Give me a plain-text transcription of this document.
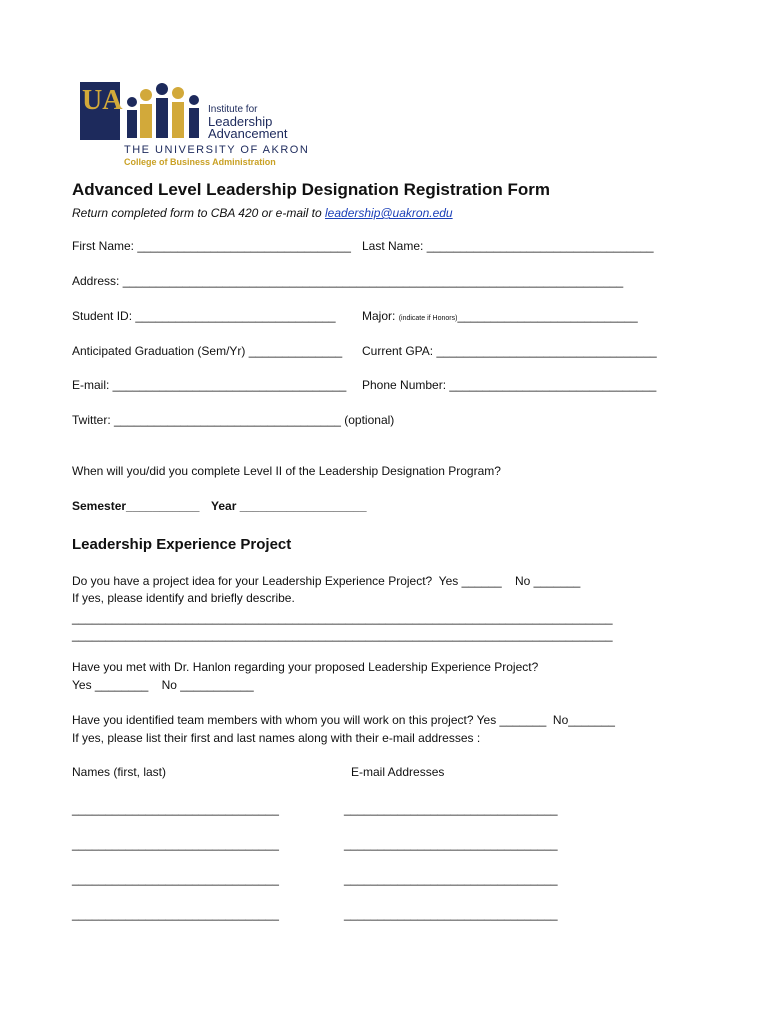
UA	Institute for
Leadership
Advancement
THE UNIVERSITY OF AKRON
College of Business Administration
Advanced Level Leadership Designation Registration Form
Return completed form to CBA 420 or e-mail to leadership@uakron.edu
First Name: ________________________________ Last Name: __________________________________
Address: ___________________________________________________________________________
Student ID: ______________________________ Major: (indicate if Honors)___________________________
Anticipated Graduation (Sem/Yr) ______________ Current GPA: _________________________________
E-mail: ___________________________________ Phone Number: _______________________________
Twitter: __________________________________ (optional)
When will you/did you complete Level II of the Leadership Designation Program?
Semester___________ Year ___________________
Leadership Experience Project
Do you have a project idea for your Leadership Experience Project?  Yes ______    No _______
If yes, please identify and briefly describe.
_________________________________________________________________________________
_________________________________________________________________________________
Have you met with Dr. Hanlon regarding your proposed Leadership Experience Project?
Yes ________    No ___________
Have you identified team members with whom you will work on this project? Yes _______  No_______
If yes, please list their first and last names along with their e-mail addresses :
Names (first, last)	E-mail Addresses
_______________________________	________________________________
_______________________________	________________________________
_______________________________	________________________________
_______________________________	________________________________
